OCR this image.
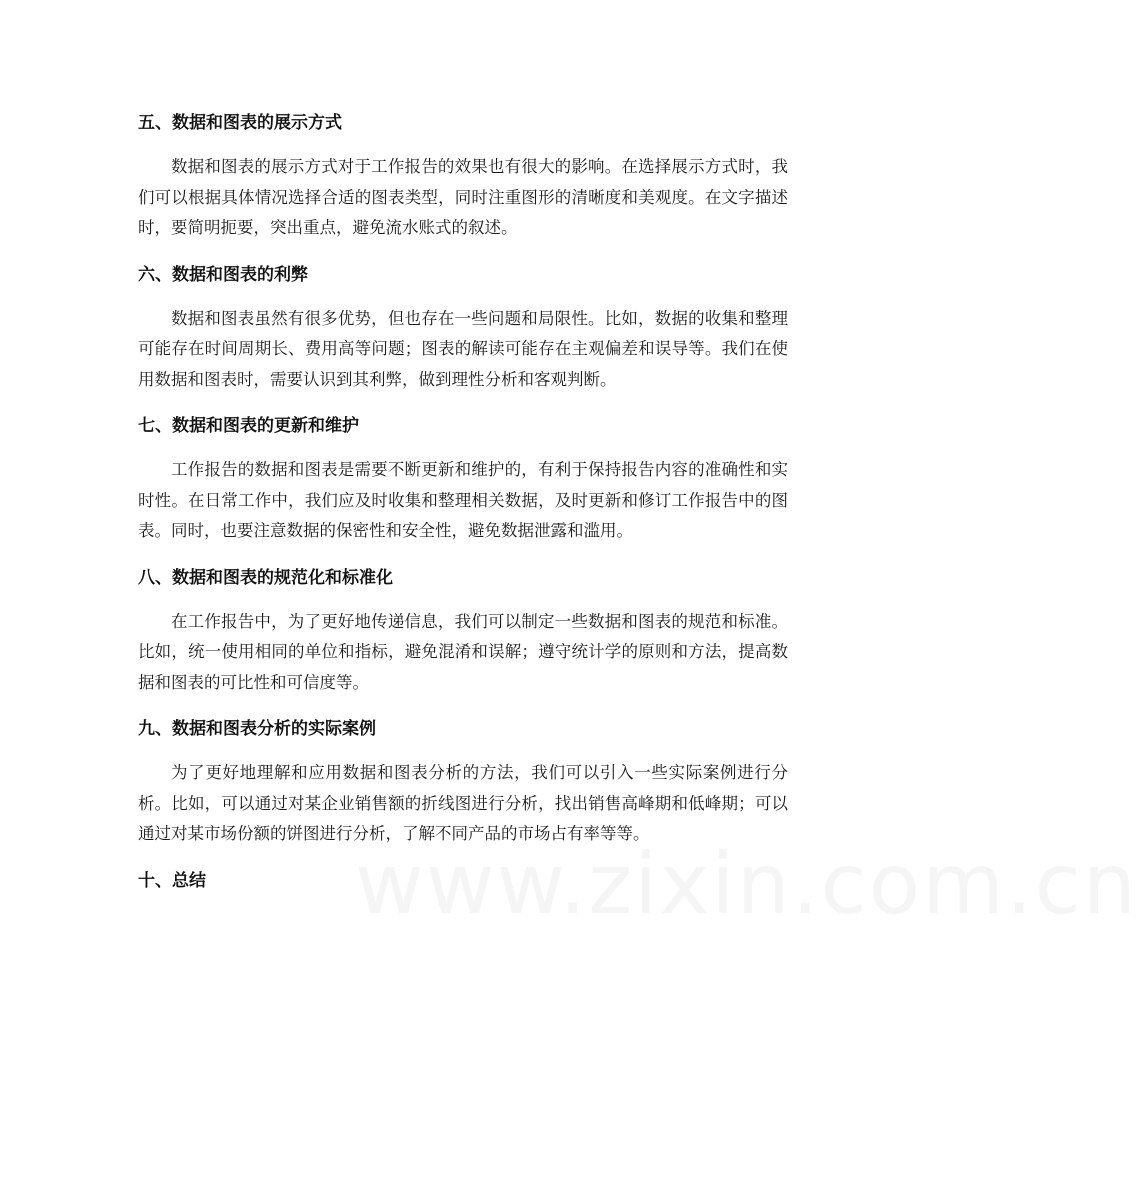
五、数据和图表的展示方式

数据和图表的展示方式对于工作报告的效果也有很大的影响。在选择展示方式时，我们可以根据具体情况选择合适的图表类型，同时注重图形的清晰度和美观度。在文字描述时，要简明扼要，突出重点，避免流水账式的叙述。

六、数据和图表的利弊

数据和图表虽然有很多优势，但也存在一些问题和局限性。比如，数据的收集和整理可能存在时间周期长、费用高等问题；图表的解读可能存在主观偏差和误导等。我们在使用数据和图表时，需要认识到其利弊，做到理性分析和客观判断。

七、数据和图表的更新和维护

工作报告的数据和图表是需要不断更新和维护的，有利于保持报告内容的准确性和实时性。在日常工作中，我们应及时收集和整理相关数据，及时更新和修订工作报告中的图表。同时，也要注意数据的保密性和安全性，避免数据泄露和滥用。

八、数据和图表的规范化和标准化

在工作报告中，为了更好地传递信息，我们可以制定一些数据和图表的规范和标准。比如，统一使用相同的单位和指标，避免混淆和误解；遵守统计学的原则和方法，提高数据和图表的可比性和可信度等。

九、数据和图表分析的实际案例

为了更好地理解和应用数据和图表分析的方法，我们可以引入一些实际案例进行分析。比如，可以通过对某企业销售额的折线图进行分析，找出销售高峰期和低峰期；可以通过对某市场份额的饼图进行分析，了解不同产品的市场占有率等等。

十、总结	www.zixin.com.cn
